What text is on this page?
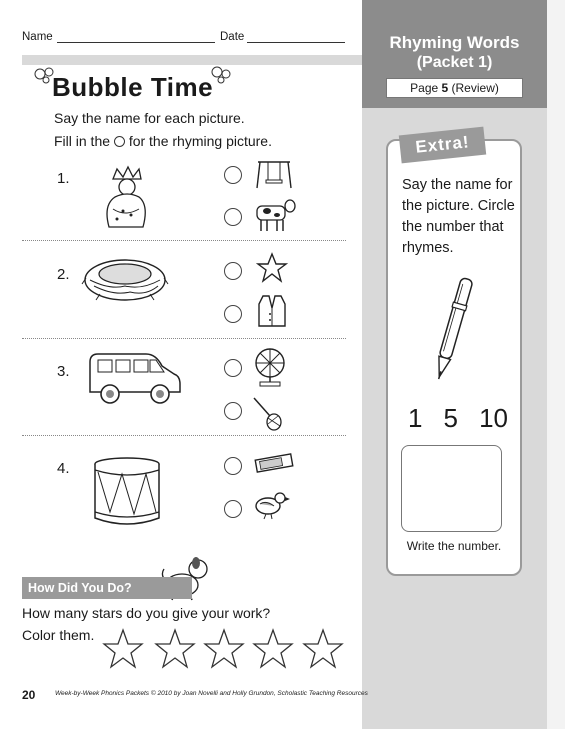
Rhyming Words
(Packet 1)
Page 5 (Review)
Extra!
Say the name for the picture. Circle the number that rhymes.
1 5 10
Write the number.
Name	Date
Bubble Time
Say the name for each picture.
Fill in the for the rhyming picture.
1.
2.
3.
4.
How Did You Do?
How many stars do you give your work?
Color them.
20	Week-by-Week Phonics Packets © 2010 by Joan Novelli and Holly Grundon, Scholastic Teaching Resources
